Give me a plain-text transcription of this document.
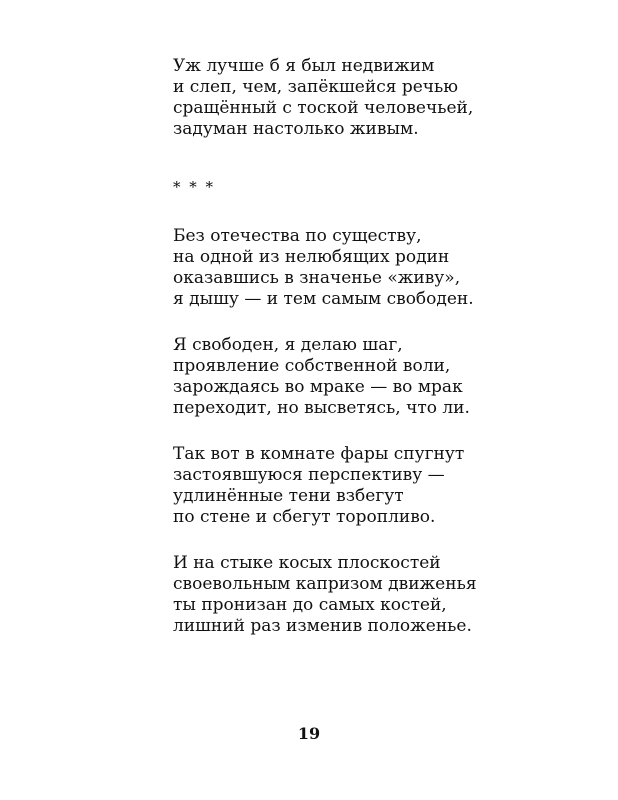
Уж лучше б я был недвижим
и слеп, чем, запёкшейся речью
сращённый с тоской человечьей,
задуман настолько живым.
* * *
Без отечества по существу,
на одной из нелюбящих родин
оказавшись в значенье «живу»,
я дышу — и тем самым свободен.
Я свободен, я делаю шаг,
проявление собственной воли,
зарождаясь во мраке — во мрак
переходит, но высветясь, что ли.
Так вот в комнате фары спугнут
застоявшуюся перспективу —
удлинённые тени взбегут
по стене и сбегут торопливо.
И на стыке косых плоскостей
своевольным капризом движенья
ты пронизан до самых костей,
лишний раз изменив положенье.
19
